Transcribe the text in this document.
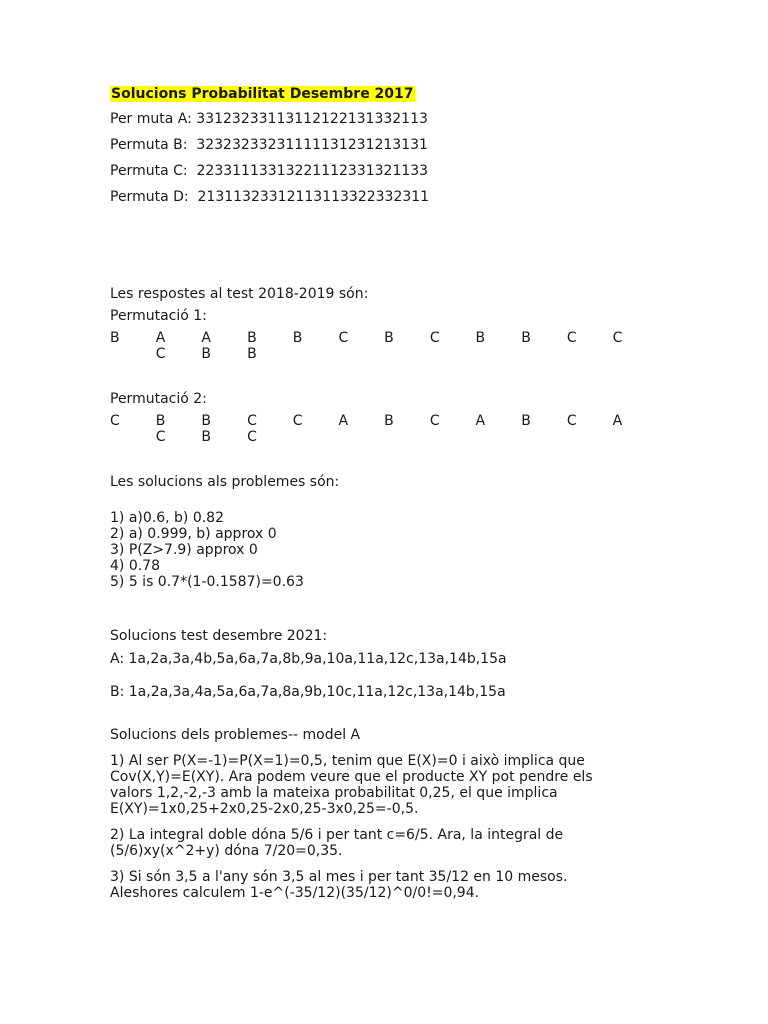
Solucions Probabilitat Desembre 2017
Per muta A: 33123233113112122131332113
Permuta B: 32323233231111131231213131
Permuta C: 22331113313221112331321133
Permuta D: 21311323312113113322332311
Les respostes al test 2018-2019 són:
Permutació 1:
B	A	A	B	B	C	B	C	B	B	C	C
C	B	B
Permutació 2:
C	B	B	C	C	A	B	C	A	B	C	A
C	B	C
Les solucions als problemes són:
1) a)0.6, b) 0.82
2) a) 0.999, b) approx 0
3) P(Z>7.9) approx 0
4) 0.78
5) 5 is 0.7*(1-0.1587)=0.63
Solucions test desembre 2021:
A: 1a,2a,3a,4b,5a,6a,7a,8b,9a,10a,11a,12c,13a,14b,15a
B: 1a,2a,3a,4a,5a,6a,7a,8a,9b,10c,11a,12c,13a,14b,15a
Solucions dels problemes-- model A
1) Al ser P(X=-1)=P(X=1)=0,5, tenim que E(X)=0 i això implica que
Cov(X,Y)=E(XY). Ara podem veure que el producte XY pot pendre els
valors 1,2,-2,-3 amb la mateixa probabilitat 0,25, el que implica
E(XY)=1x0,25+2x0,25-2x0,25-3x0,25=-0,5.
2) La integral doble dóna 5/6 i per tant c=6/5. Ara, la integral de
(5/6)xy(x^2+y) dóna 7/20=0,35.
3) Si són 3,5 a l'any són 3,5 al mes i per tant 35/12 en 10 mesos.
Aleshores calculem 1-e^(-35/12)(35/12)^0/0!=0,94.
